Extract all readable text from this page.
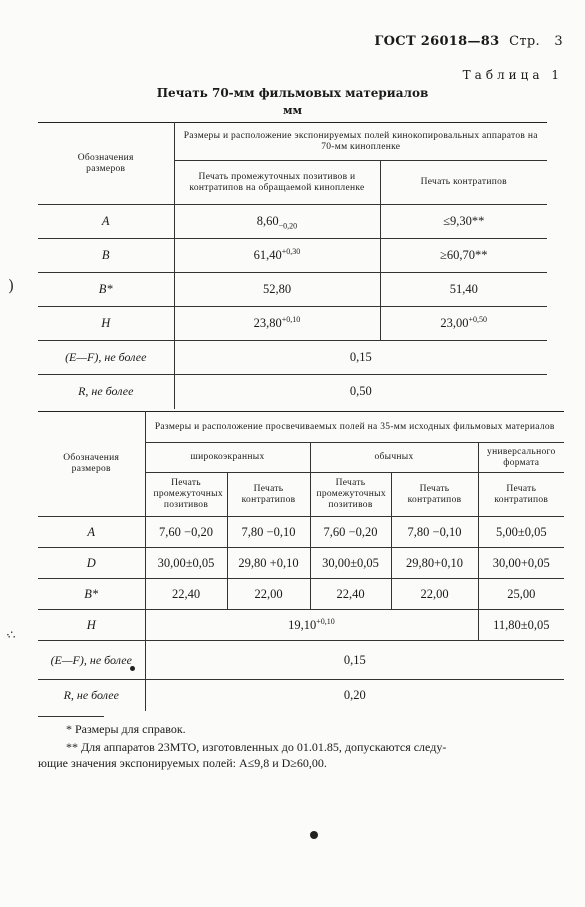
ГОСТ 26018—83 Стр. 3
Таблица 1
Печать 70-мм фильмовых материалов
мм
Обозначения размеров	Размеры и расположение экспонируемых полей кинокопировальных аппаратов на 70-мм кинопленке	
	Печать промежуточных позитивов и контратипов на обращаемой кинопленке	Печать контратипов
A	$8,60_{-0,20}$	≤9,30**
B	$61,40^{+0,30}$	≥60,70**
B*	52,80	51,40
H	$23,80^{+0,10}$	$23,00^{+0,50}$
(E—F), не более	0,15	
R, не более	0,50	
Обозначения размеров	Размеры и расположение просвечиваемых полей на 35-мм исходных фильмовых материалов				
	широкоэкранных		обычных		универсального формата
	Печать промежуточных позитивов	Печать контратипов	Печать промежуточных позитивов	Печать контратипов	Печать контратипов
A	7,60 −0,20	7,80 −0,10	7,60 −0,20	7,80 −0,10	5,00±0,05
D	30,00±0,05	29,80 +0,10	30,00±0,05	29,80+0,10	30,00+0,05
B*	22,40	22,00	22,40	22,00	25,00
H	$19,10^{+0,10}$				11,80±0,05
(E—F), не более	0,15				
R, не более	0,20				
* Размеры для справок.
** Для аппаратов 23МТО, изготовленных до 01.01.85, допускаются следу-
ющие значения экспонируемых полей: A≤9,8 и D≥60,00.
)
·∴
